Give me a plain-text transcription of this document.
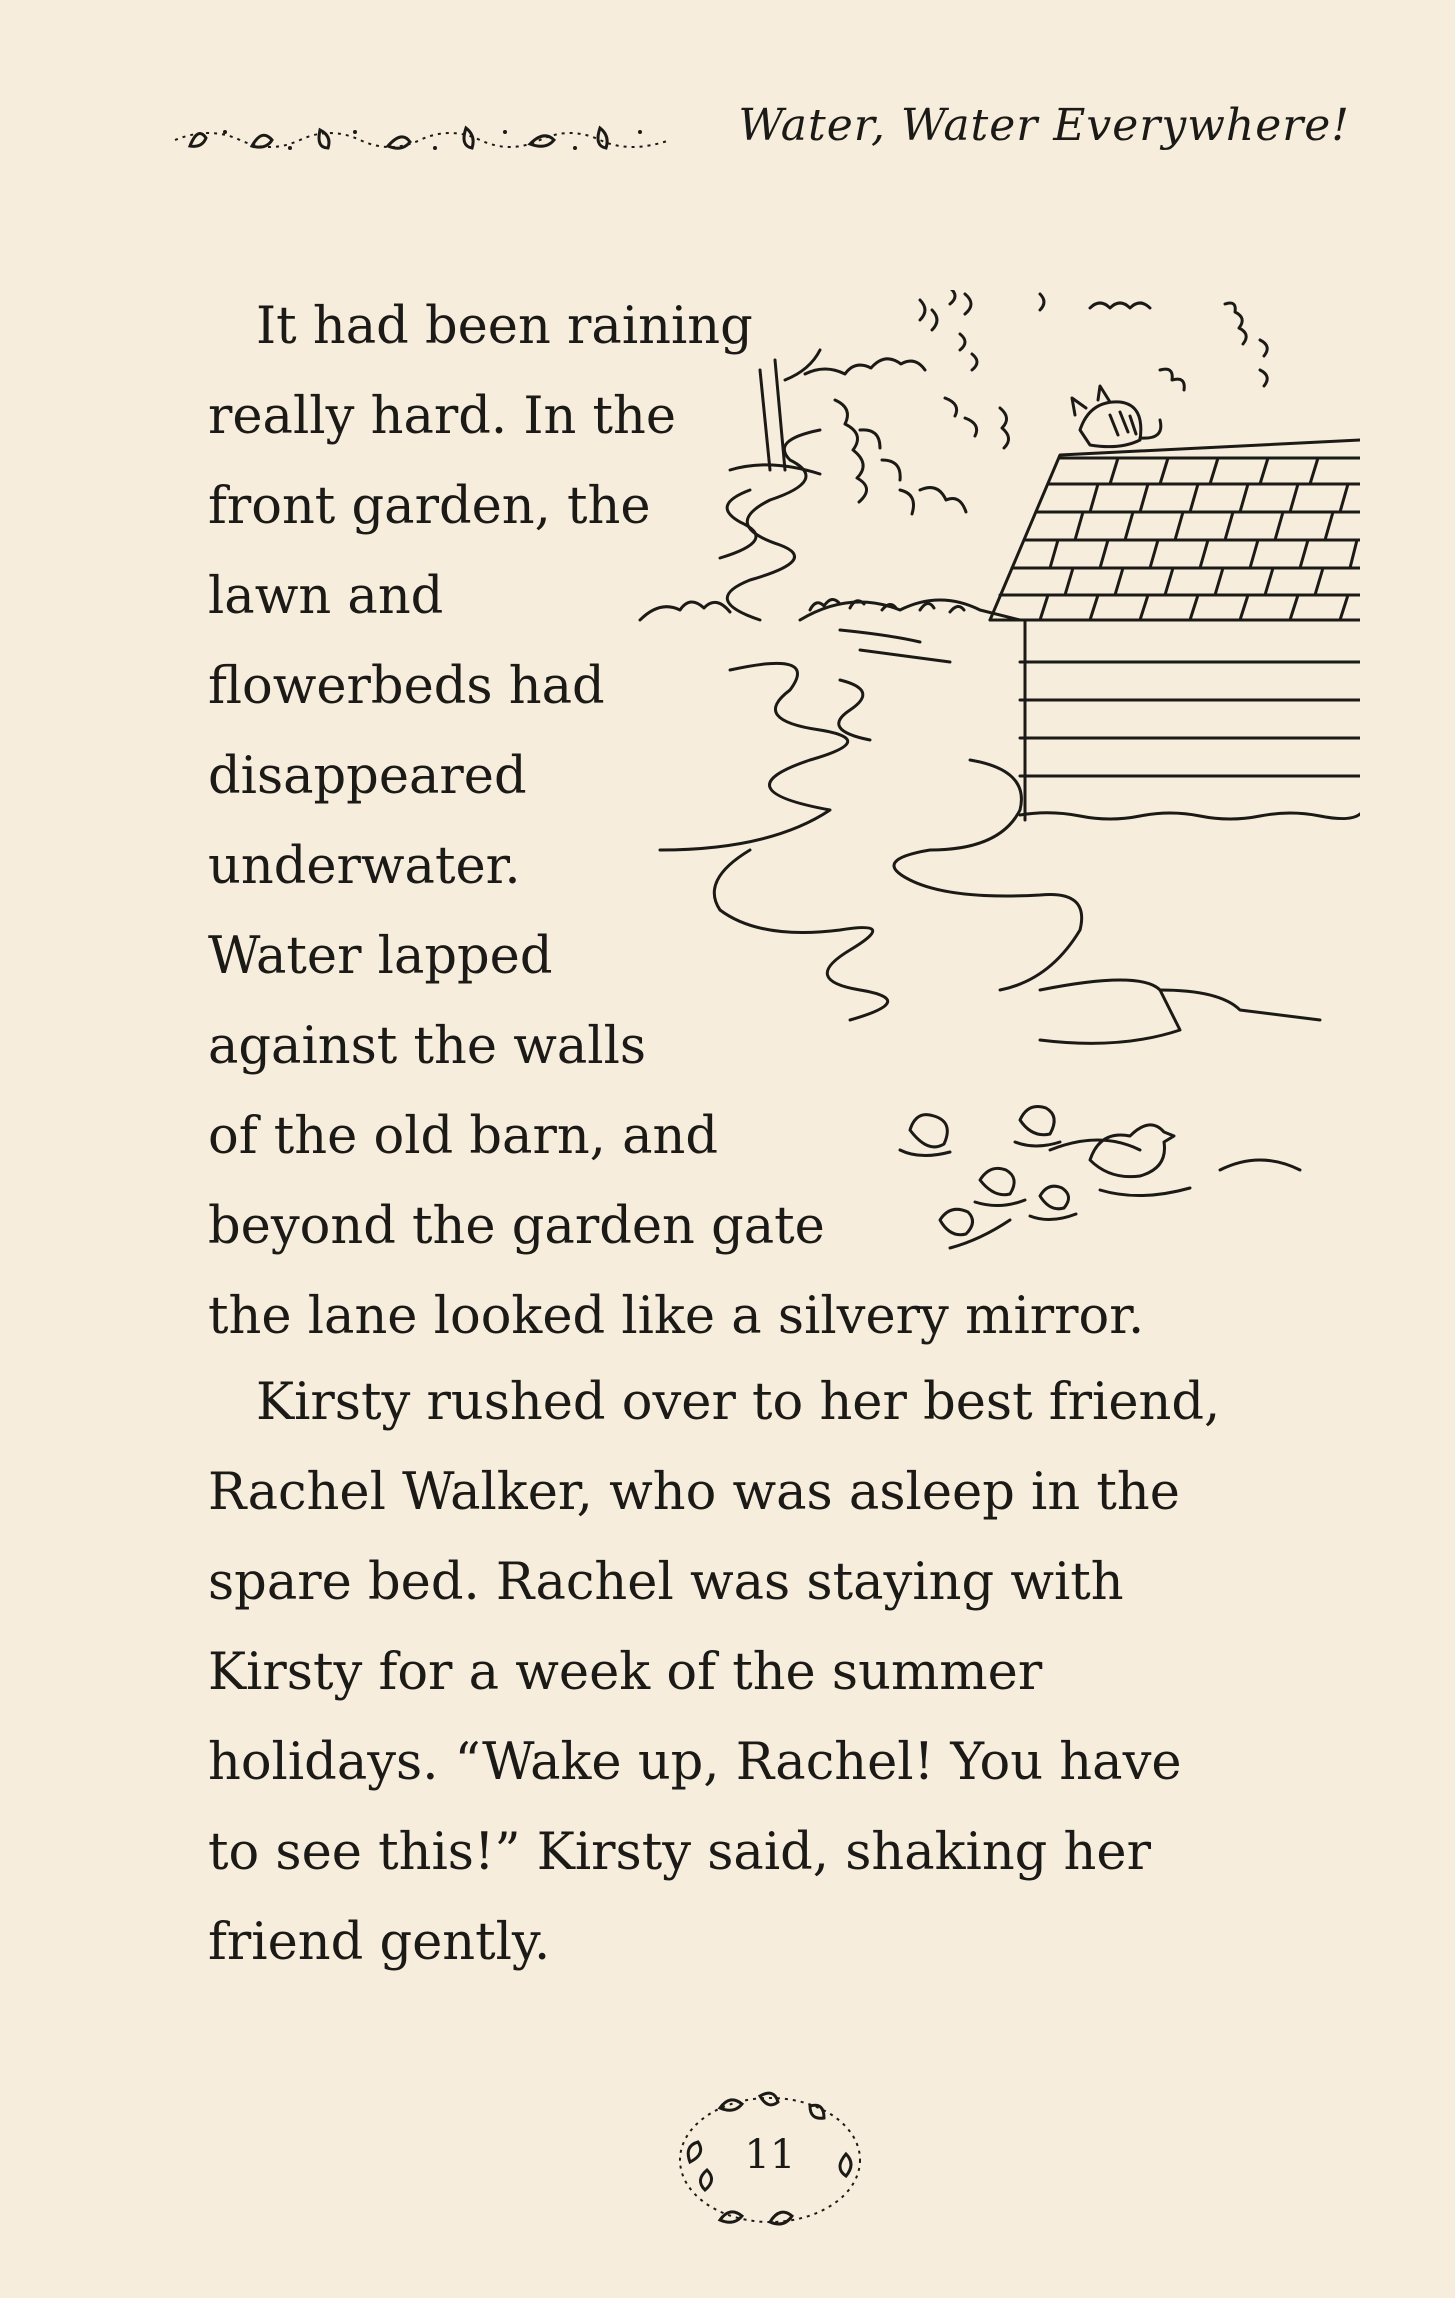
Water, Water Everywhere!
It had been raining
really hard. In the
front garden, the
lawn and
flowerbeds had
disappeared
underwater.
Water lapped
against the walls
of the old barn, and
beyond the garden gate
the lane looked like a silvery mirror.
Kirsty rushed over to her best friend,
Rachel Walker, who was asleep in the
spare bed. Rachel was staying with
Kirsty for a week of the summer
holidays. “Wake up, Rachel! You have
to see this!” Kirsty said, shaking her
friend gently.
11
